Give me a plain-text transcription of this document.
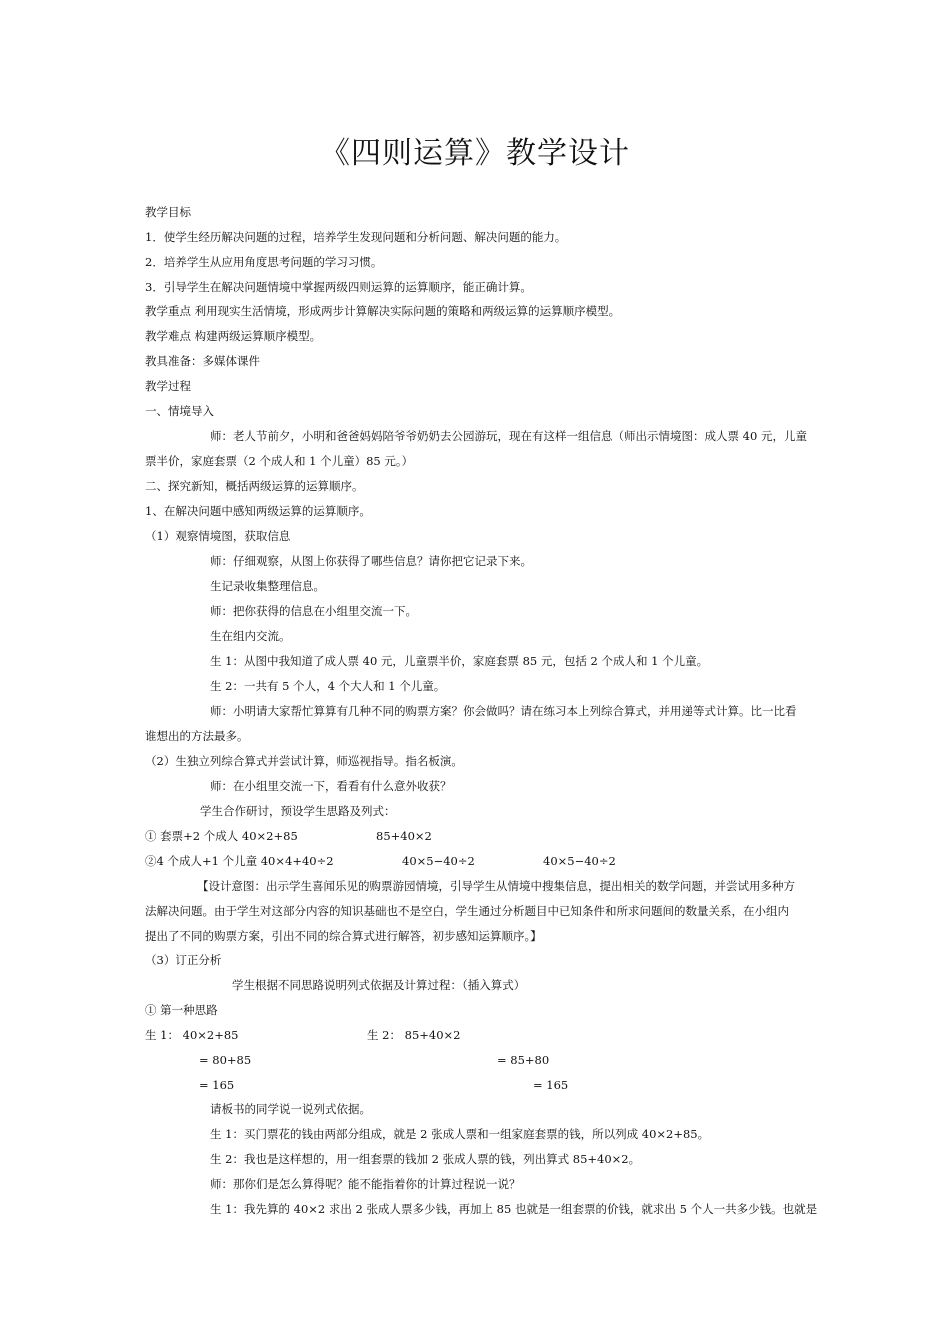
《四则运算》教学设计
教学目标
1．使学生经历解决问题的过程，培养学生发现问题和分析问题、解决问题的能力。
2．培养学生从应用角度思考问题的学习习惯。
3．引导学生在解决问题情境中掌握两级四则运算的运算顺序，能正确计算。
教学重点 利用现实生活情境，形成两步计算解决实际问题的策略和两级运算的运算顺序模型。
教学难点 构建两级运算顺序模型。
教具准备：多媒体课件
教学过程
一、情境导入
师：老人节前夕，小明和爸爸妈妈陪爷爷奶奶去公园游玩，现在有这样一组信息（师出示情境图：成人票 40 元，儿童
票半价，家庭套票（2 个成人和 1 个儿童）85 元。）
二、探究新知，概括两级运算的运算顺序。
1、在解决问题中感知两级运算的运算顺序。
（1）观察情境图，获取信息
师：仔细观察，从图上你获得了哪些信息？请你把它记录下来。
生记录收集整理信息。
师：把你获得的信息在小组里交流一下。
生在组内交流。
生 1：从图中我知道了成人票 40 元，儿童票半价，家庭套票 85 元，包括 2 个成人和 1 个儿童。
生 2：一共有 5 个人，4 个大人和 1 个儿童。
师：小明请大家帮忙算算有几种不同的购票方案？你会做吗？请在练习本上列综合算式，并用递等式计算。比一比看
谁想出的方法最多。
（2）生独立列综合算式并尝试计算，师巡视指导。指名板演。
师：在小组里交流一下，看看有什么意外收获？
学生合作研讨，预设学生思路及列式：
① 套票+2 个成人 40×2+85	85+40×2
②4 个成人+1 个儿童 40×4+40÷2	40×5−40÷2	40×5−40÷2
【设计意图：出示学生喜闻乐见的购票游园情境，引导学生从情境中搜集信息，提出相关的数学问题，并尝试用多种方
法解决问题。由于学生对这部分内容的知识基础也不是空白，学生通过分析题目中已知条件和所求问题间的数量关系，在小组内
提出了不同的购票方案，引出不同的综合算式进行解答，初步感知运算顺序。】
（3）订正分析
学生根据不同思路说明列式依据及计算过程：（插入算式）
① 第一种思路
生 1： 40×2+85	生 2： 85+40×2
= 80+85	= 85+80
= 165	= 165
请板书的同学说一说列式依据。
生 1：买门票花的钱由两部分组成，就是 2 张成人票和一组家庭套票的钱，所以列成 40×2+85。
生 2：我也是这样想的，用一组套票的钱加 2 张成人票的钱，列出算式 85+40×2。
师：那你们是怎么算得呢？能不能指着你的计算过程说一说？
生 1：我先算的 40×2 求出 2 张成人票多少钱，再加上 85 也就是一组套票的价钱，就求出 5 个人一共多少钱。也就是
